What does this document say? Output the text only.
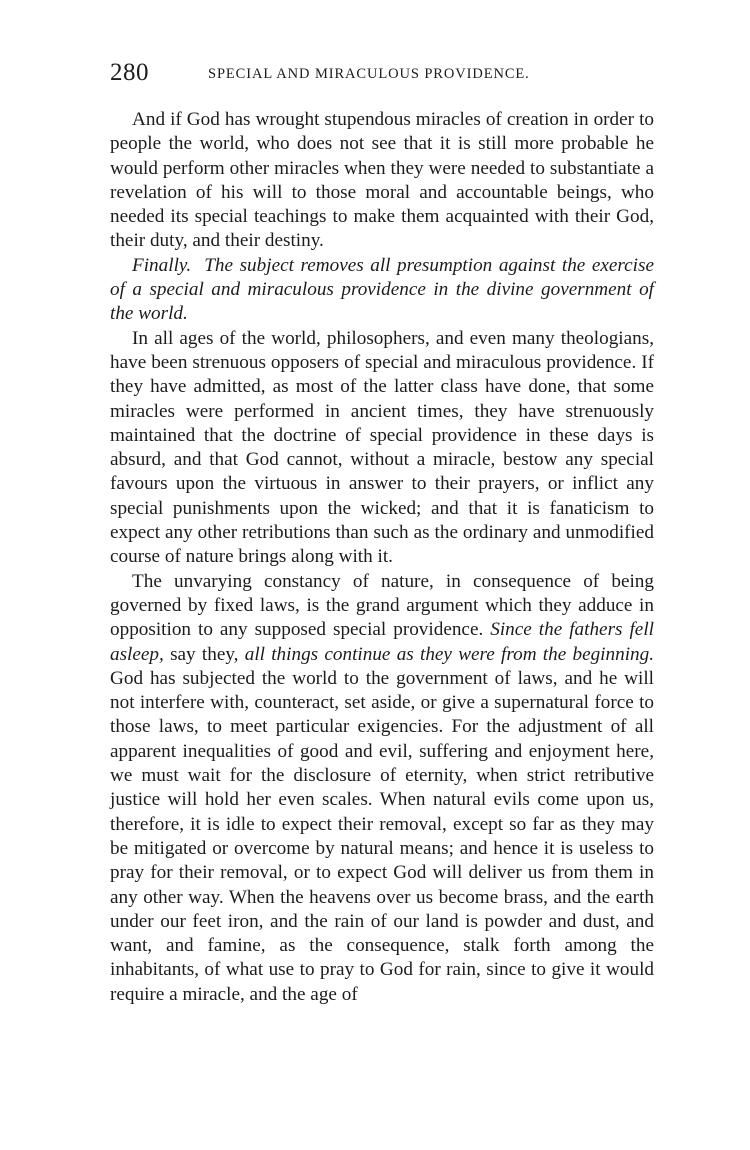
280	SPECIAL AND MIRACULOUS PROVIDENCE.

And if God has wrought stupendous miracles of creation in order to people the world, who does not see that it is still more probable he would perform other miracles when they were needed to substantiate a revelation of his will to those moral and accountable beings, who needed its special teachings to make them acquainted with their God, their duty, and their destiny.

Finally. The subject removes all presumption against the exercise of a special and miraculous providence in the divine government of the world.

In all ages of the world, philosophers, and even many theologians, have been strenuous opposers of special and miraculous providence. If they have admitted, as most of the latter class have done, that some miracles were performed in ancient times, they have strenuously maintained that the doctrine of special providence in these days is absurd, and that God cannot, without a miracle, bestow any special favours upon the virtuous in answer to their prayers, or inflict any special punishments upon the wicked; and that it is fanaticism to expect any other retributions than such as the ordinary and unmodified course of nature brings along with it.

The unvarying constancy of nature, in consequence of being governed by fixed laws, is the grand argument which they adduce in opposition to any supposed special providence. Since the fathers fell asleep, say they, all things continue as they were from the beginning. God has subjected the world to the government of laws, and he will not interfere with, counteract, set aside, or give a supernatural force to those laws, to meet particular exigencies. For the adjustment of all apparent inequalities of good and evil, suffering and enjoyment here, we must wait for the disclosure of eternity, when strict retributive justice will hold her even scales. When natural evils come upon us, therefore, it is idle to expect their removal, except so far as they may be mitigated or overcome by natural means; and hence it is useless to pray for their removal, or to expect God will deliver us from them in any other way. When the heavens over us become brass, and the earth under our feet iron, and the rain of our land is powder and dust, and want, and famine, as the consequence, stalk forth among the inhabitants, of what use to pray to God for rain, since to give it would require a miracle, and the age of
